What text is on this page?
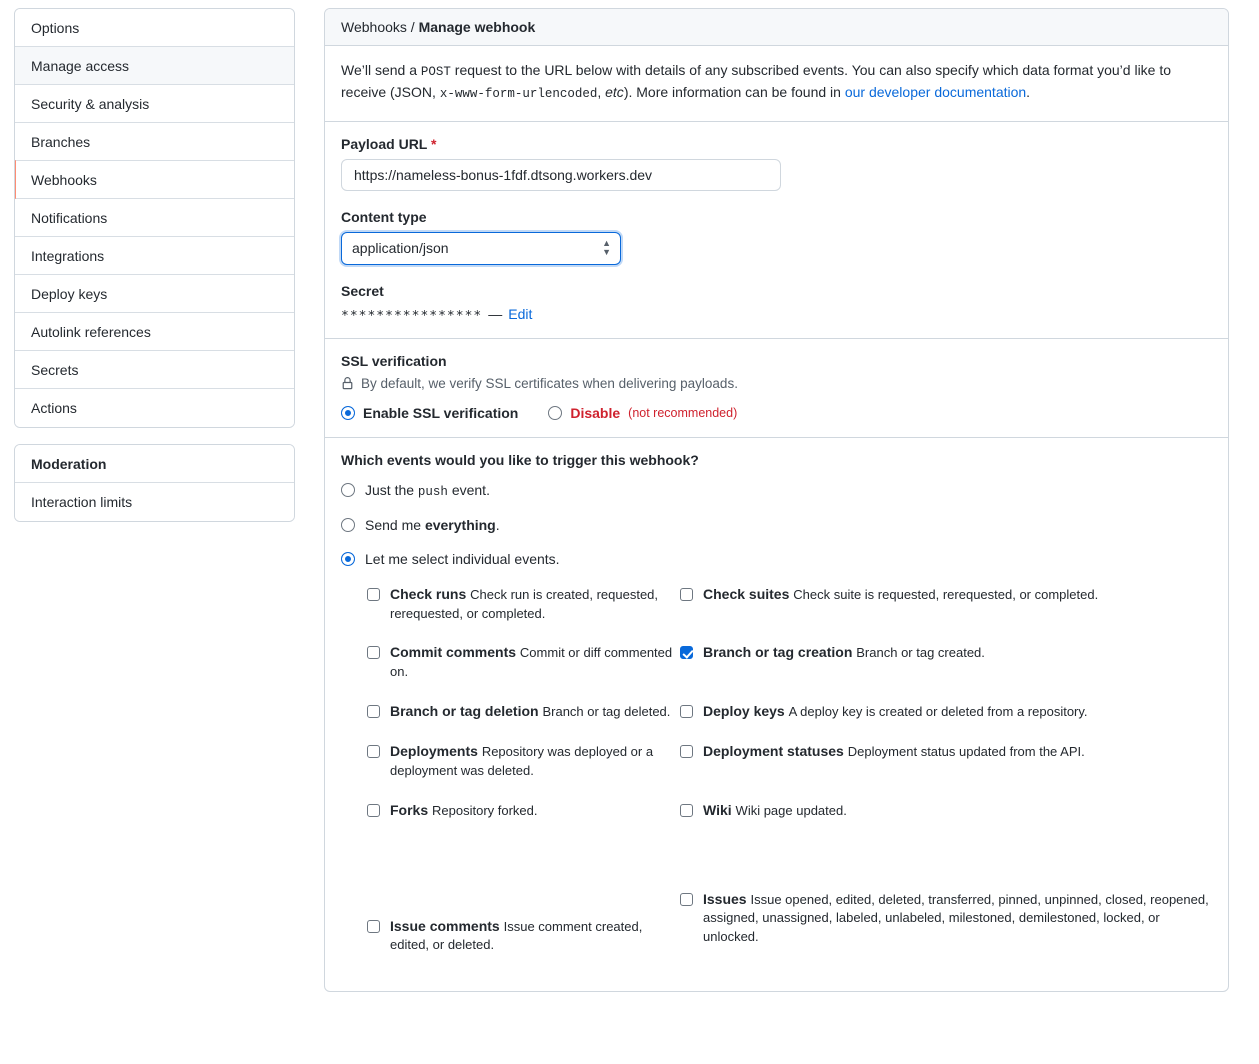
Options
Manage access
Security & analysis
Branches
Webhooks
Notifications
Integrations
Deploy keys
Autolink references
Secrets
Actions
Moderation
Interaction limits
Webhooks / Manage webhook
We’ll send a POST request to the URL below with details of any subscribed events. You can also specify which data format you’d like to receive (JSON, x-www-form-urlencoded, etc). More information can be found in our developer documentation.
Payload URL *
https://nameless-bonus-1fdf.dtsong.workers.dev
Content type
application/json
▲
▼
Secret
∗∗∗∗∗∗∗∗∗∗∗∗∗∗∗∗ — Edit
SSL verification
By default, we verify SSL certificates when delivering payloads.
Enable SSL verification	Disable (not recommended)
Which events would you like to trigger this webhook?
Just the push event.
Send me everything.
Let me select individual events.
Check runs Check run is created, requested, rerequested, or completed.
Check suites Check suite is requested, rerequested, or completed.
Commit comments Commit or diff commented on.
Branch or tag creation Branch or tag created.
Branch or tag deletion Branch or tag deleted. Deploy keys A deploy key is created or deleted from a repository.
Deployments Repository was deployed or a deployment was deleted.
Deployment statuses Deployment status updated from the API.
Forks Repository forked.	Wiki Wiki page updated.
Issue comments Issue comment created, edited, or deleted.
Issues Issue opened, edited, deleted, transferred, pinned, unpinned, closed, reopened, assigned, unassigned, labeled, unlabeled, milestoned, demilestoned, locked, or unlocked.
